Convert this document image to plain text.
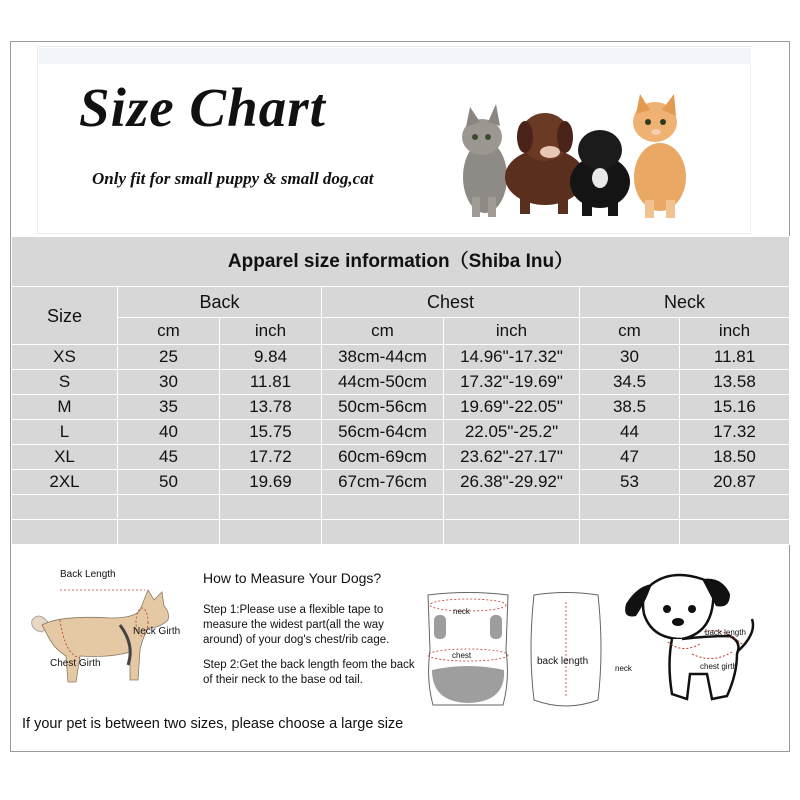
Size Chart
Only fit for small puppy & small dog,cat
Apparel size information（Shiba Inu）						
Size	Back		Chest		Neck	
	cm	inch	cm	inch	cm	inch
XS	25	9.84	38cm-44cm	14.96"-17.32"	30	11.81
S	30	11.81	44cm-50cm	17.32"-19.69"	34.5	13.58
M	35	13.78	50cm-56cm	19.69"-22.05"	38.5	15.16
L	40	15.75	56cm-64cm	22.05"-25.2"	44	17.32
XL	45	17.72	60cm-69cm	23.62"-27.17"	47	18.50
2XL	50	19.69	67cm-76cm	26.38"-29.92"	53	20.87

Back Length
Neck Girth
Chest Girth
How to Measure Your Dogs?
Step 1:Please use a flexible tape to measure the widest part(all the way around) of your dog's chest/rib cage.
Step 2:Get the back length feom the back of their neck to the base od tail.
neck
chest
back length
back length
neck	chest girth
If your pet is between two sizes, please choose a large size
